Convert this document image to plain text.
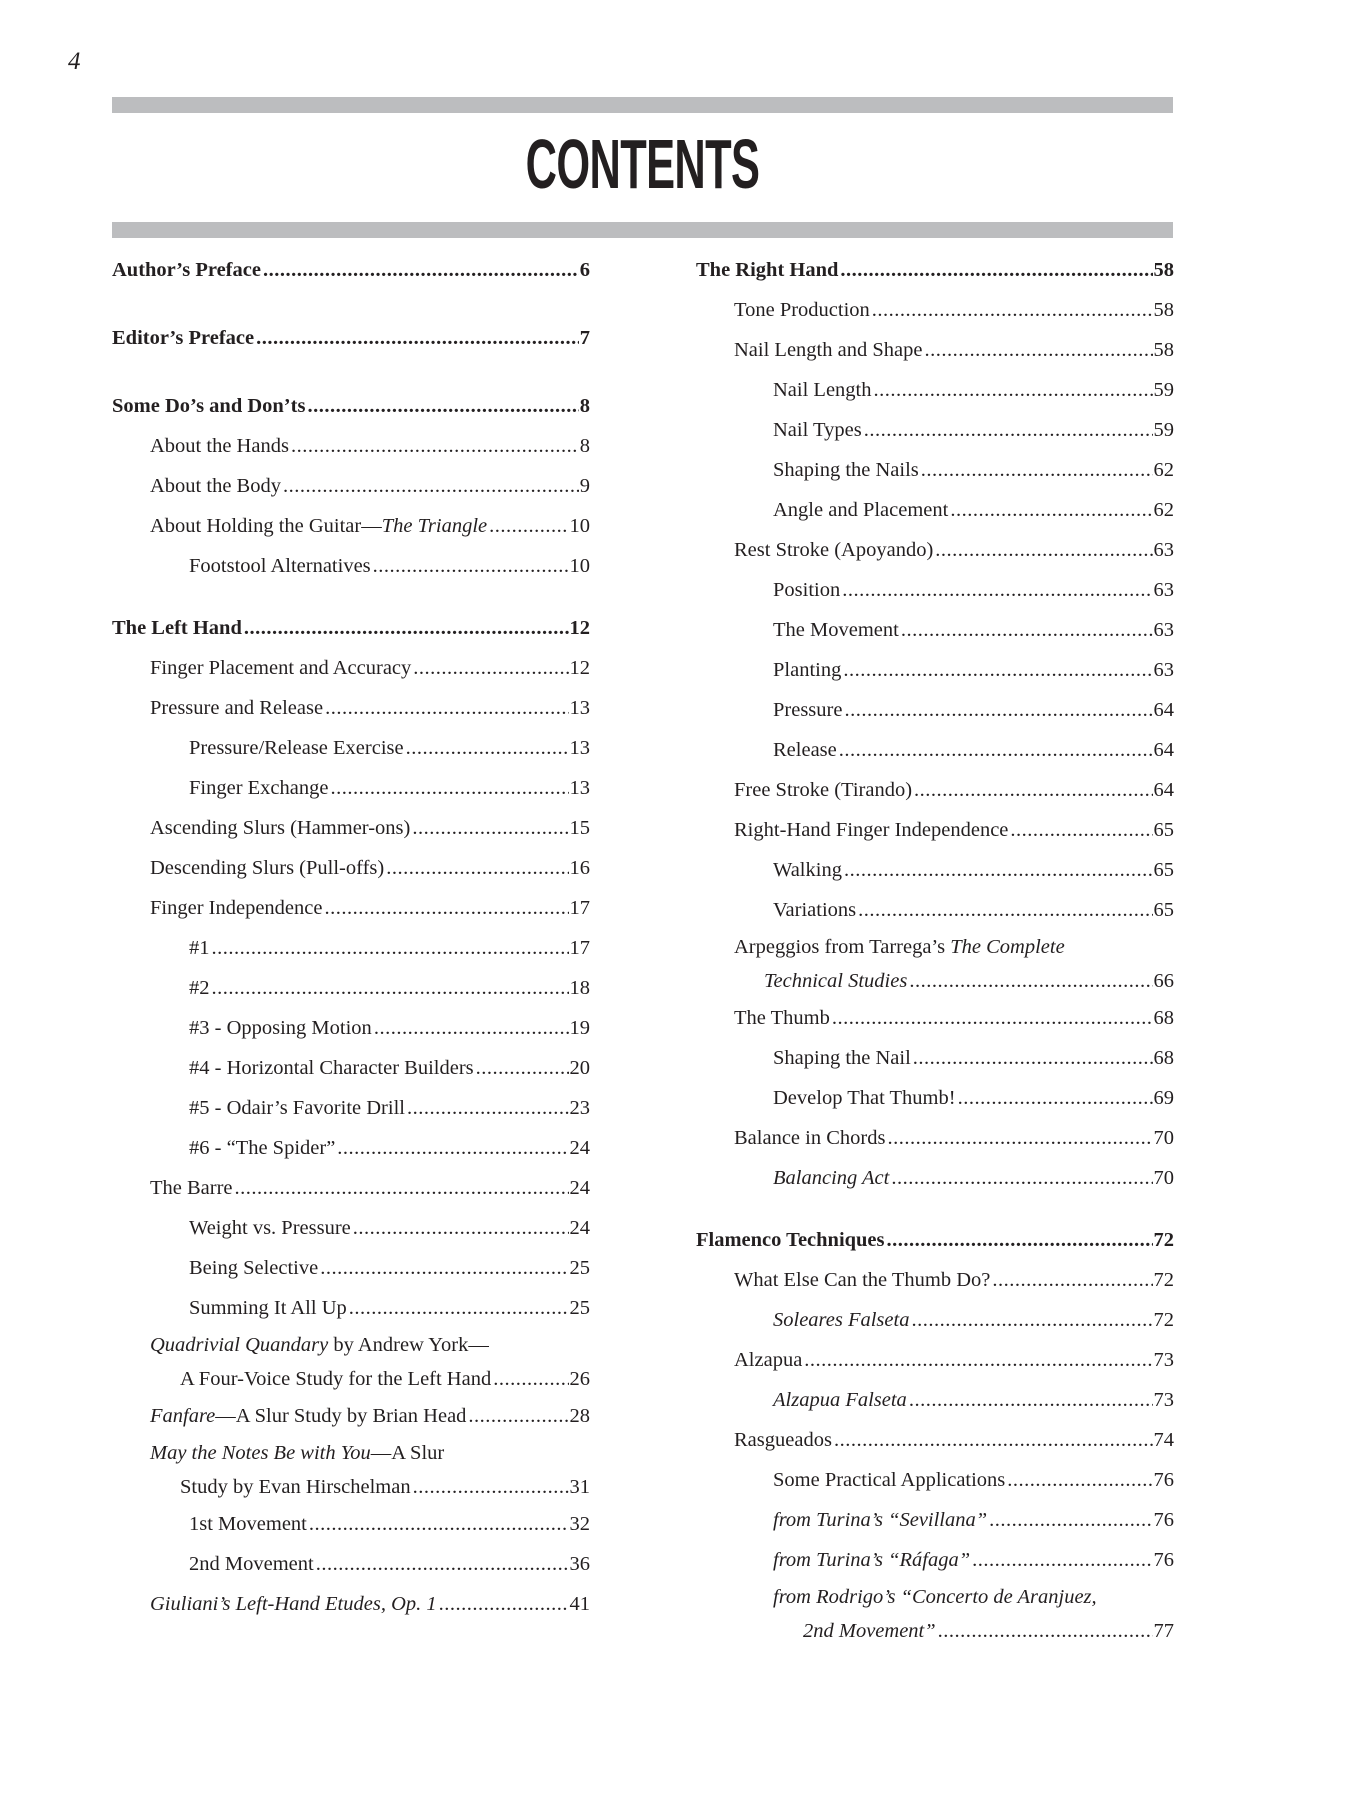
4
CONTENTS
Author’s Preface .....	6
Editor’s Preface .....	7
Some Do’s and Don’ts .....	8
About the Hands .....	8
About the Body .....	9
About Holding the Guitar—The Triangle .....	10
Footstool Alternatives .....	10
The Left Hand .....	12
Finger Placement and Accuracy .....	12
Pressure and Release .....	13
Pressure/Release Exercise .....	13
Finger Exchange .....	13
Ascending Slurs (Hammer-ons) .....	15
Descending Slurs (Pull-offs) .....	16
Finger Independence .....	17
#1 .....	17
#2 .....	18
#3 - Opposing Motion .....	19
#4 - Horizontal Character Builders .....	20
#5 - Odair’s Favorite Drill .....	23
#6 - “The Spider” .....	24
The Barre .....	24
Weight vs. Pressure .....	24
Being Selective .....	25
Summing It All Up .....	25
Quadrivial Quandary by Andrew York—
A Four-Voice Study for the Left Hand .....	26
Fanfare—A Slur Study by Brian Head .....	28
May the Notes Be with You—A Slur
Study by Evan Hirschelman .....	31
1st Movement .....	32
2nd Movement .....	36
Giuliani’s Left-Hand Etudes, Op. 1 .....	41
The Right Hand .....	58
Tone Production .....	58
Nail Length and Shape .....	58
Nail Length .....	59
Nail Types .....	59
Shaping the Nails .....	62
Angle and Placement .....	62
Rest Stroke (Apoyando) .....	63
Position .....	63
The Movement .....	63
Planting .....	63
Pressure .....	64
Release .....	64
Free Stroke (Tirando) .....	64
Right-Hand Finger Independence .....	65
Walking .....	65
Variations .....	65
Arpeggios from Tarrega’s The Complete
Technical Studies .....	66
The Thumb .....	68
Shaping the Nail .....	68
Develop That Thumb! .....	69
Balance in Chords .....	70
Balancing Act .....	70
Flamenco Techniques .....	72
What Else Can the Thumb Do? .....	72
Soleares Falseta .....	72
Alzapua .....	73
Alzapua Falseta .....	73
Rasgueados .....	74
Some Practical Applications .....	76
from Turina’s “Sevillana” .....	76
from Turina’s “Ráfaga” .....	76
from Rodrigo’s “Concerto de Aranjuez,
2nd Movement” .....	77
